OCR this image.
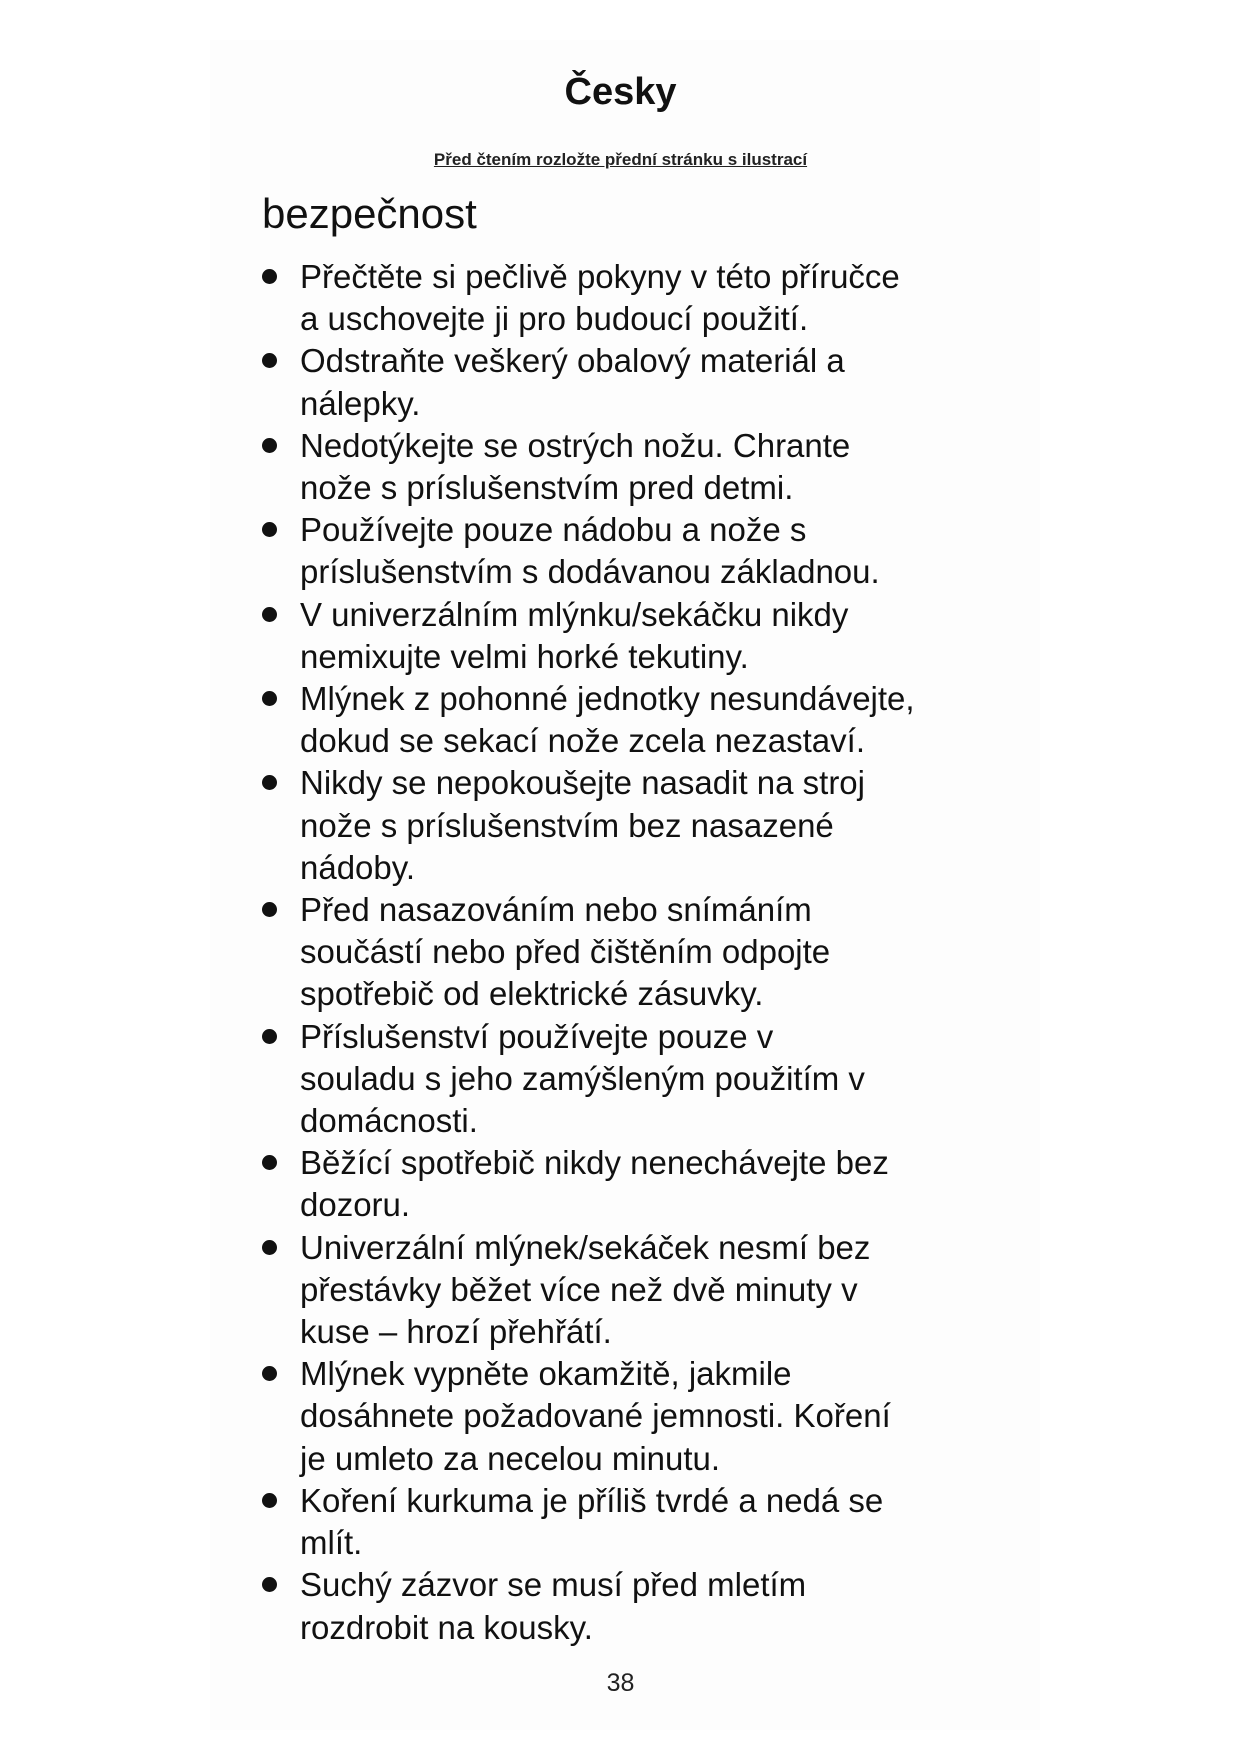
Česky
Před čtením rozložte přední stránku s ilustrací
bezpečnost
Přečtěte si pečlivě pokyny v této příručce
a uschovejte ji pro budoucí použití.
Odstraňte veškerý obalový materiál a
nálepky.
Nedotýkejte se ostrých nožu. Chrante
nože s príslušenstvím pred detmi.
Používejte pouze nádobu a nože s
príslušenstvím s dodávanou základnou.
V univerzálním mlýnku/sekáčku nikdy
nemixujte velmi horké tekutiny.
Mlýnek z pohonné jednotky nesundávejte,
dokud se sekací nože zcela nezastaví.
Nikdy se nepokoušejte nasadit na stroj
nože s príslušenstvím bez nasazené
nádoby.
Před nasazováním nebo snímáním
součástí nebo před čištěním odpojte
spotřebič od elektrické zásuvky.
Příslušenství používejte pouze v
souladu s jeho zamýšleným použitím v
domácnosti.
Běžící spotřebič nikdy nenechávejte bez
dozoru.
Univerzální mlýnek/sekáček nesmí bez
přestávky běžet více než dvě minuty v
kuse – hrozí přehřátí.
Mlýnek vypněte okamžitě, jakmile
dosáhnete požadované jemnosti. Koření
je umleto za necelou minutu.
Koření kurkuma je příliš tvrdé a nedá se
mlít.
Suchý zázvor se musí před mletím
rozdrobit na kousky.
38
